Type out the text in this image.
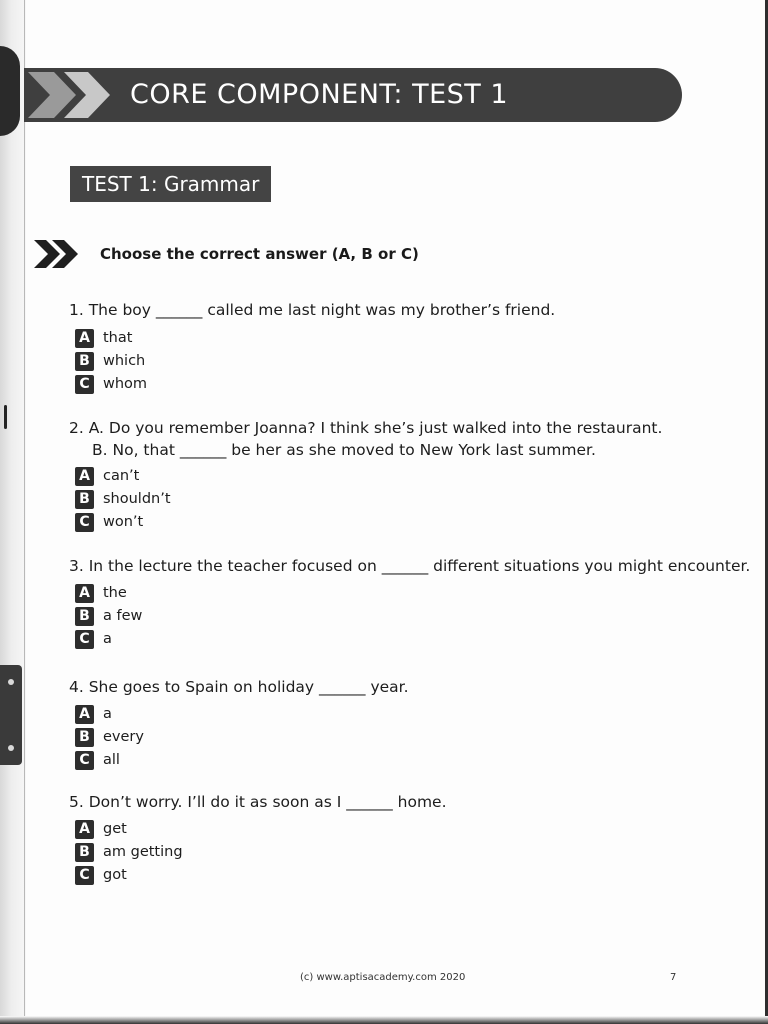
CORE COMPONENT: TEST 1
TEST 1: Grammar
Choose the correct answer (A, B or C)
1. The boy ______ called me last night was my brother’s friend.
A that
B which
C whom
2. A. Do you remember Joanna? I think she’s just walked into the restaurant.
B. No, that ______ be her as she moved to New York last summer.
A can’t
B shouldn’t
C won’t
3. In the lecture the teacher focused on ______ different situations you might encounter.
A the
B a few
C a
4. She goes to Spain on holiday ______ year.
A a
B every
C all
5. Don’t worry. I’ll do it as soon as I ______ home.
A get
B am getting
C got
(c) www.aptisacademy.com 2020	7
